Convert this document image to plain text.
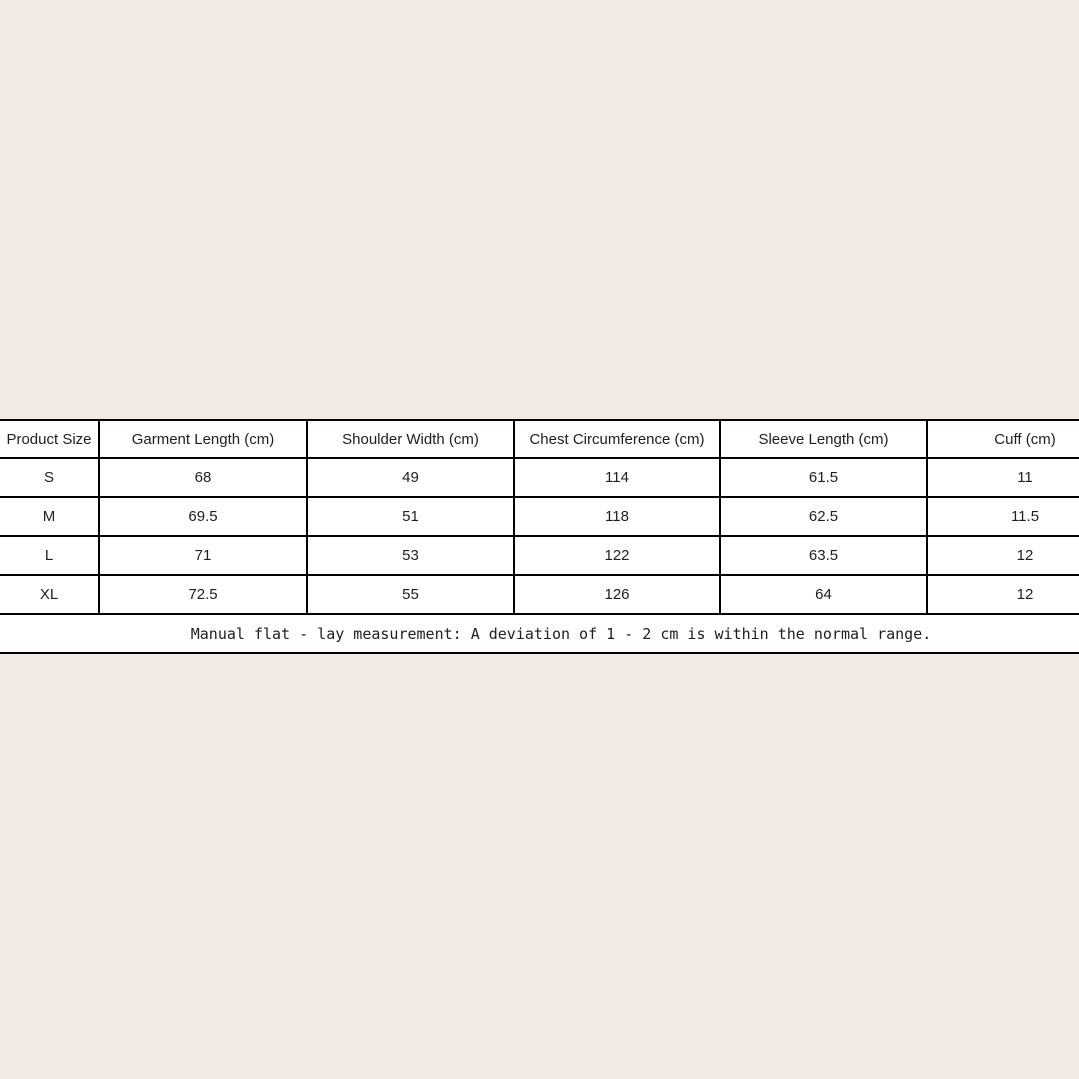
Product Size	Garment Length (cm)	Shoulder Width (cm)	Chest Circumference (cm)	Sleeve Length (cm)	Cuff (cm)
S	68	49	114	61.5	11
M	69.5	51	118	62.5	11.5
L	71	53	122	63.5	12
XL	72.5	55	126	64	12
Manual flat - lay measurement: A deviation of 1 - 2 cm is within the normal range.					
